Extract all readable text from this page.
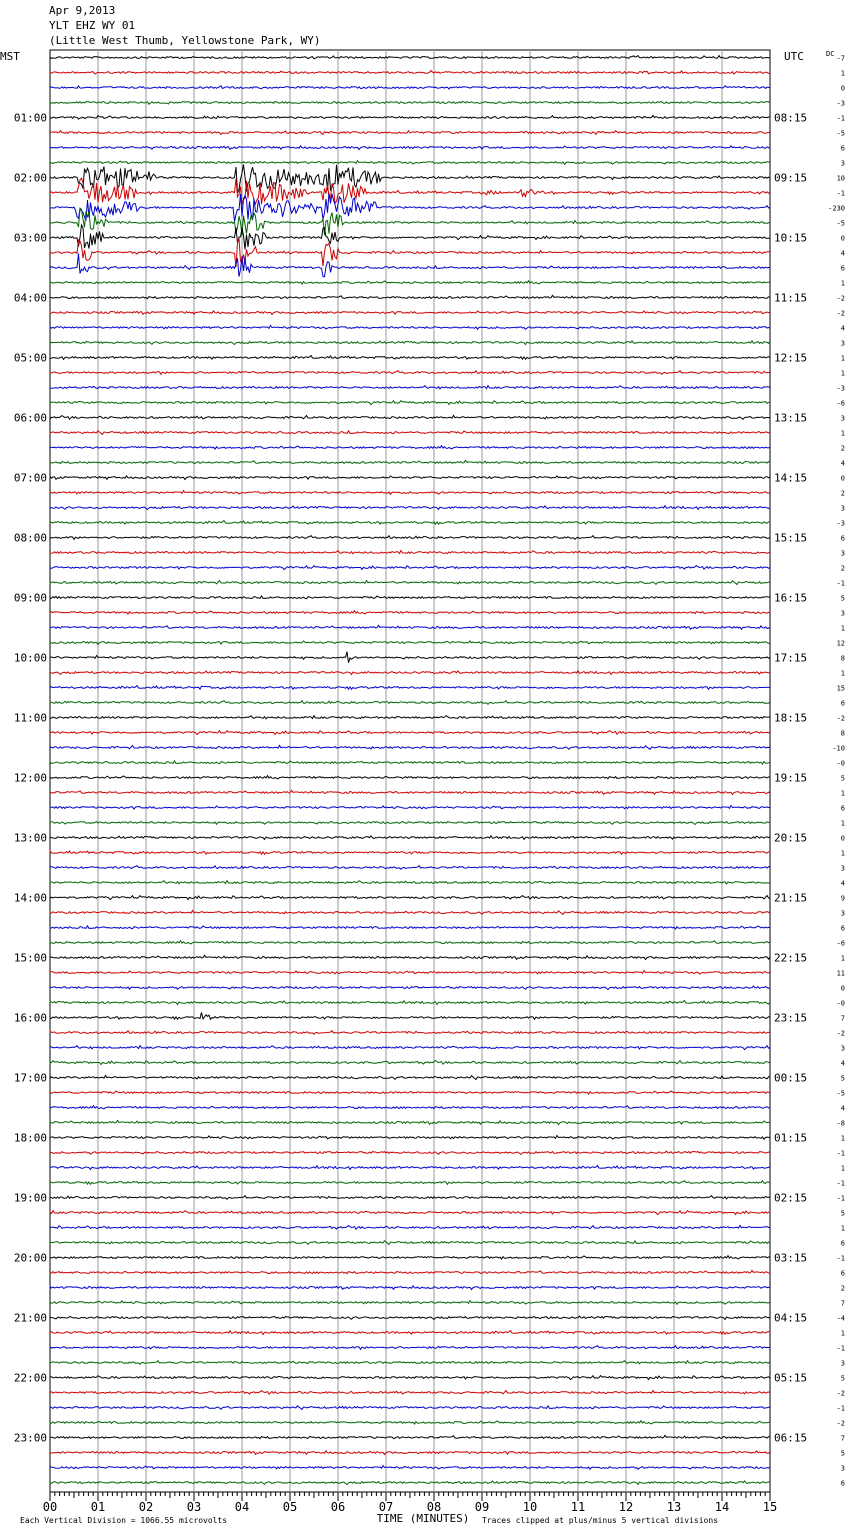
Apr 9,2013
YLT EHZ WY 01
(Little West Thumb, Yellowstone Park, WY)
MST	UTC	DC
01:00
02:00
03:00
04:00
05:00
06:00
07:00
08:00
09:00
10:00
11:00
12:00
13:00
14:00
15:00
16:00
17:00
18:00
19:00
20:00
21:00
22:00
23:00
08:15
09:15
10:15
11:15
12:15
13:15
14:15
15:15
16:15
17:15
18:15
19:15
20:15
21:15
22:15
23:15
00:15
01:15
02:15
03:15
04:15
05:15
06:15
-7
1
0
-3
-1
-5
6
3
10
-1
-230
-5
0
4
6
1
-2
-2
4
3
1
1
-3
-6
3
1
2
4
0
2
3
-3
6
3
2
-1
5
3
1
12
8
1
15
6
-2
8
-10
-0
5
1
6
1
0
1
3
4
9
3
6
-6
1
11
0
-0
7
-2
3
4
5
-5
4
-8
1
-1
1
-1
-1
5
1
6
-1
6
2
7
-4
1
-1
3
5
-2
-1
-2
7
5
3
6
00	01	02	03	04	05	06	07	08	09	10	11	12	13	14	15
TIME (MINUTES)
Each Vertical Division = 1066.55 microvolts	Traces clipped at plus/minus 5 vertical divisions
